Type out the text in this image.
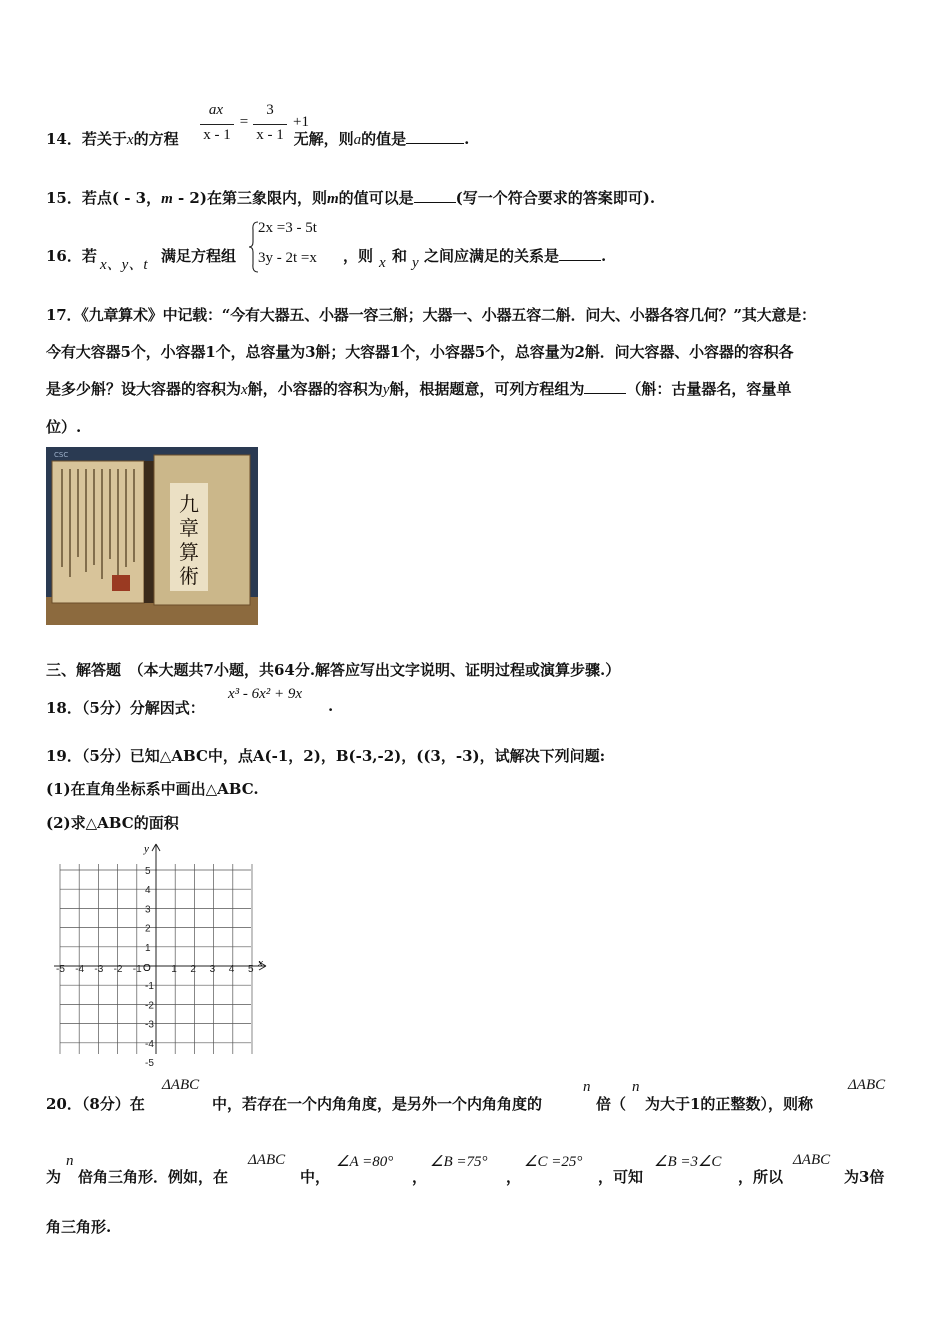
14．若关于x的方程	无解，则a的值是	.
ax
x - 1
=
3
x - 1
+1
15．若点( - 3，m - 2)在第三象限内，则m的值可以是	(写一个符合要求的答案即可).
16．若 x、y、t 满足方程组
2x =3 - 5t
3y - 2t =x ，则 x 和 y 之间应满足的关系是	.
17．《九章算术》中记载：“今有大器五、小器一容三斛；大器一、小器五容二斛．问大、小器各容几何？”其大意是：
今有大容器5个，小容器1个，总容量为3斛；大容器1个，小容器5个，总容量为2斛．问大容器、小容器的容积各
是多少斛？设大容器的容积为x斛，小容器的容积为y斛，根据题意，可列方程组为	（斛：古量器名，容量单
位）.
CSC
九
章
算
術
三、解答题　（本大题共7小题，共64分.解答应写出文字说明、证明过程或演算步骤.）
18．（5分）分解因式：
x³ - 6x² + 9x
.
19．（5分）已知△ABC中，点A(-1，2)，B(-3,-2)，((3，-3)，试解决下列问题:
(1)在直角坐标系中画出△ABC.
(2)求△ABC的面积
x
y
O
-5 -4 -3 -2 -1	1 2 3 4 5
5
4
3
2
1
-1
-2
-3
-4
-5
20．（8分）在
ΔABC
中，若存在一个内角角度，是另外一个内角角度的
n
倍（
n
为大于1的正整数），则称
ΔABC
为
n
倍角三角形．例如，在
ΔABC
中，
∠A =80°
，
∠B =75°
，
∠C =25°
，可知
∠B =3∠C
，所以
ΔABC
为3倍
角三角形.
